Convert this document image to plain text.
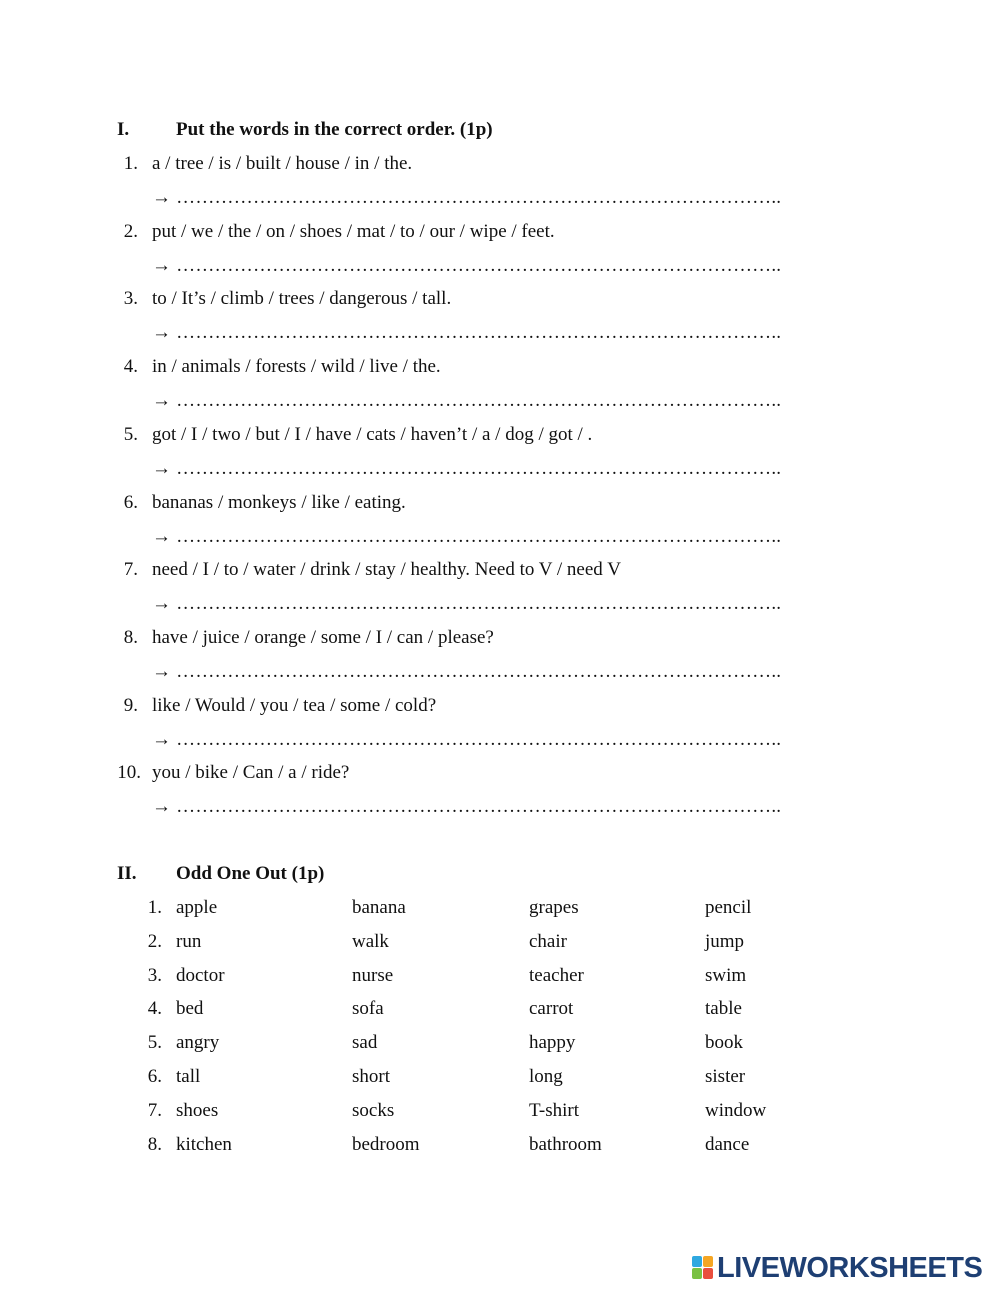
I. Put the words in the correct order. (1p)
1. a / tree / is / built / house / in / the.
→ …………………………………………………………………………………..
2. put / we / the / on / shoes / mat / to / our / wipe / feet.
→ …………………………………………………………………………………..
3. to / It’s / climb / trees / dangerous / tall.
→ …………………………………………………………………………………..
4. in / animals / forests / wild / live / the.
→ …………………………………………………………………………………..
5. got / I / two / but / I / have / cats / haven’t / a / dog / got / .
→ …………………………………………………………………………………..
6. bananas / monkeys / like / eating.
→ …………………………………………………………………………………..
7. need / I / to / water / drink / stay / healthy. Need to V / need V
→ …………………………………………………………………………………..
8. have / juice / orange / some / I / can / please?
→ …………………………………………………………………………………..
9. like / Would / you / tea / some / cold?
→ …………………………………………………………………………………..
10. you / bike / Can / a / ride?
→ …………………………………………………………………………………..
II. Odd One Out (1p)
1. apple	banana	grapes	pencil
2. run	walk	chair	jump
3. doctor	nurse	teacher	swim
4. bed	sofa	carrot	table
5. angry	sad	happy	book
6. tall	short	long	sister
7. shoes	socks	T-shirt	window
8. kitchen	bedroom	bathroom	dance
LIVEWORKSHEETS
